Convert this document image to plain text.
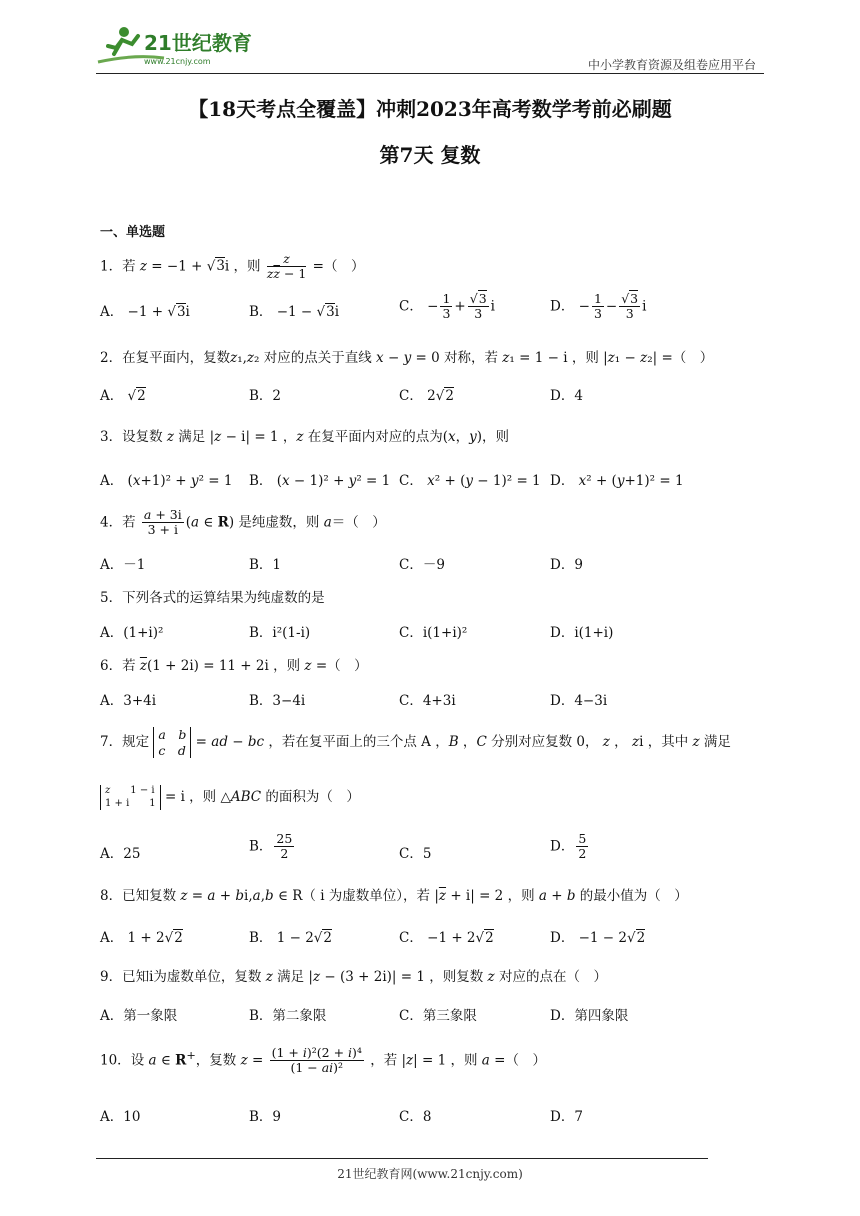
21世纪教育
www.21cnjy.com	中小学教育资源及组卷应用平台
【18天考点全覆盖】冲刺2023年高考数学考前必刷题
第7天 复数
一、单选题
1．若 z = −1 + √3i ，则 $\frac{z}{z\overline{z} - 1}$ =（　）
A． −1 + √3i	B． −1 − √3i	C． − $\frac{1}{3} + \frac{√3}{3}$ i	D． − $\frac{1}{3} - \frac{√3}{3}$ i
2．在复平面内，复数z₁,z₂ 对应的点关于直线 x − y = 0 对称，若 z₁ = 1 − i ，则 |z₁ − z₂| =（　）
A． √2	B．2	C． 2√2	D．4
3．设复数 z 满足 |z − i| = 1 ，z 在复平面内对应的点为(x，y)，则
A． (x+1)² + y² = 1 B． (x − 1)² + y² = 1 C． x² + (y − 1)² = 1 D． x² + (y+1)² = 1
4．若 $\frac{a + 3i}{3 + i} (a$ ∈ R) 是纯虚数，则 a＝（　）
A．－1	B．1	C．－9	D．9
5．下列各式的运算结果为纯虚数的是
A．(1+i)²	B．i²(1-i)	C．i(1+i)²	D．i(1+i)
6．若 $\overline{z}(1 + 2i) = 11 + 2i$ ，则 z =（　）
A．3+4i	B．3−4i	C．4+3i	D．4−3i
7．规定 a　 b
c　 d = ad − bc ，若在复平面上的三个点 A ，B ，C 分别对应复数 0， z ， zi ，其中 z 满足
z　　1 − i
1 + i　　1 = i ，则 △ABC 的面积为（　）
A．25	B． $\frac{25}{2}$	C．5	D． $\frac{5}{2}$
8．已知复数 z = a + bi,a,b ∈ R（ i 为虚数单位），若 $|\overline{z} + i| = 2$ ，则 a + b 的最小值为（　）
A． 1 + 2√2	B． 1 − 2√2	C． −1 + 2√2	D． −1 − 2√2
9．已知i为虚数单位，复数 z 满足 |z − (3 + 2i)| = 1 ，则复数 z 对应的点在（　）
A．第一象限	B．第二象限	C．第三象限	D．第四象限
10．设 a ∈ R+，复数 $z = \frac{\text{(1 + i)²(2 + i)⁴}}{\text{(1 − ai)²}}$ ，若 |z| = 1 ，则 a =（　）
A．10	B．9	C．8	D．7
21世纪教育网(www.21cnjy.com)
